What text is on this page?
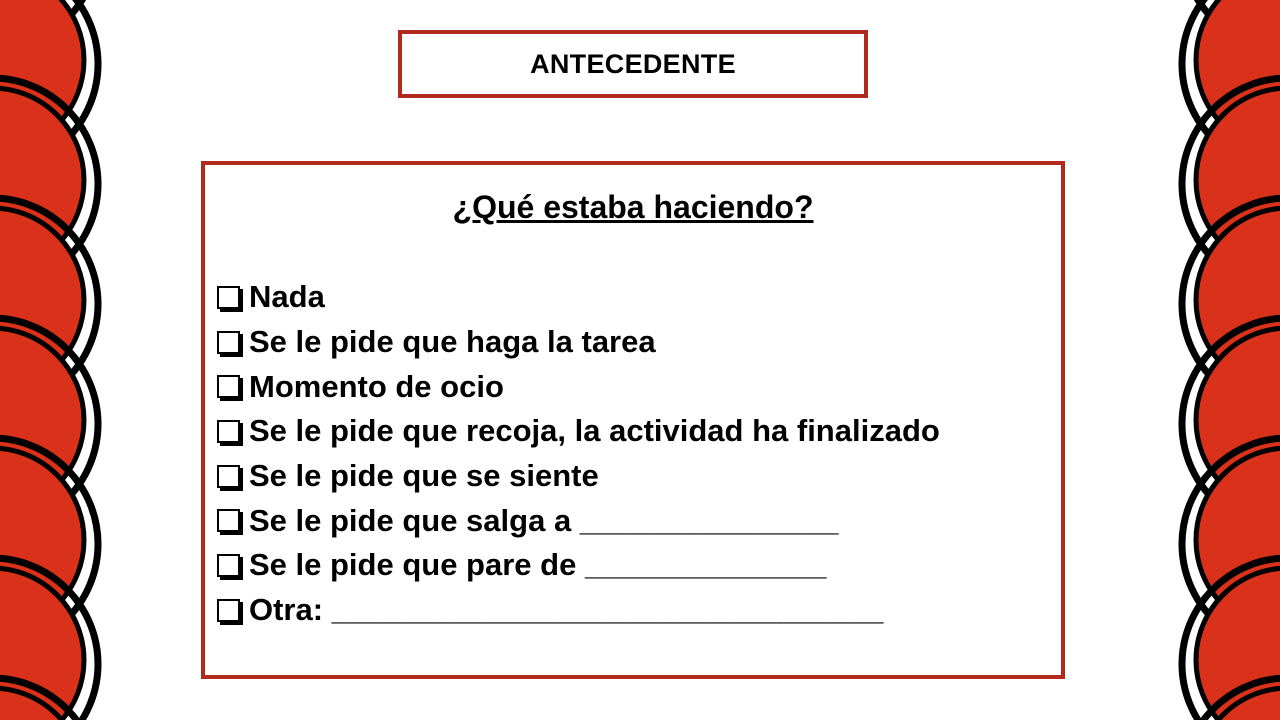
ANTECEDENTE
¿Qué estaba haciendo?
Nada
Se le pide que haga la tarea
Momento de ocio
Se le pide que recoja, la actividad ha finalizado
Se le pide que se siente
Se le pide que salga a _______________
Se le pide que pare de ______________
Otra: ________________________________
